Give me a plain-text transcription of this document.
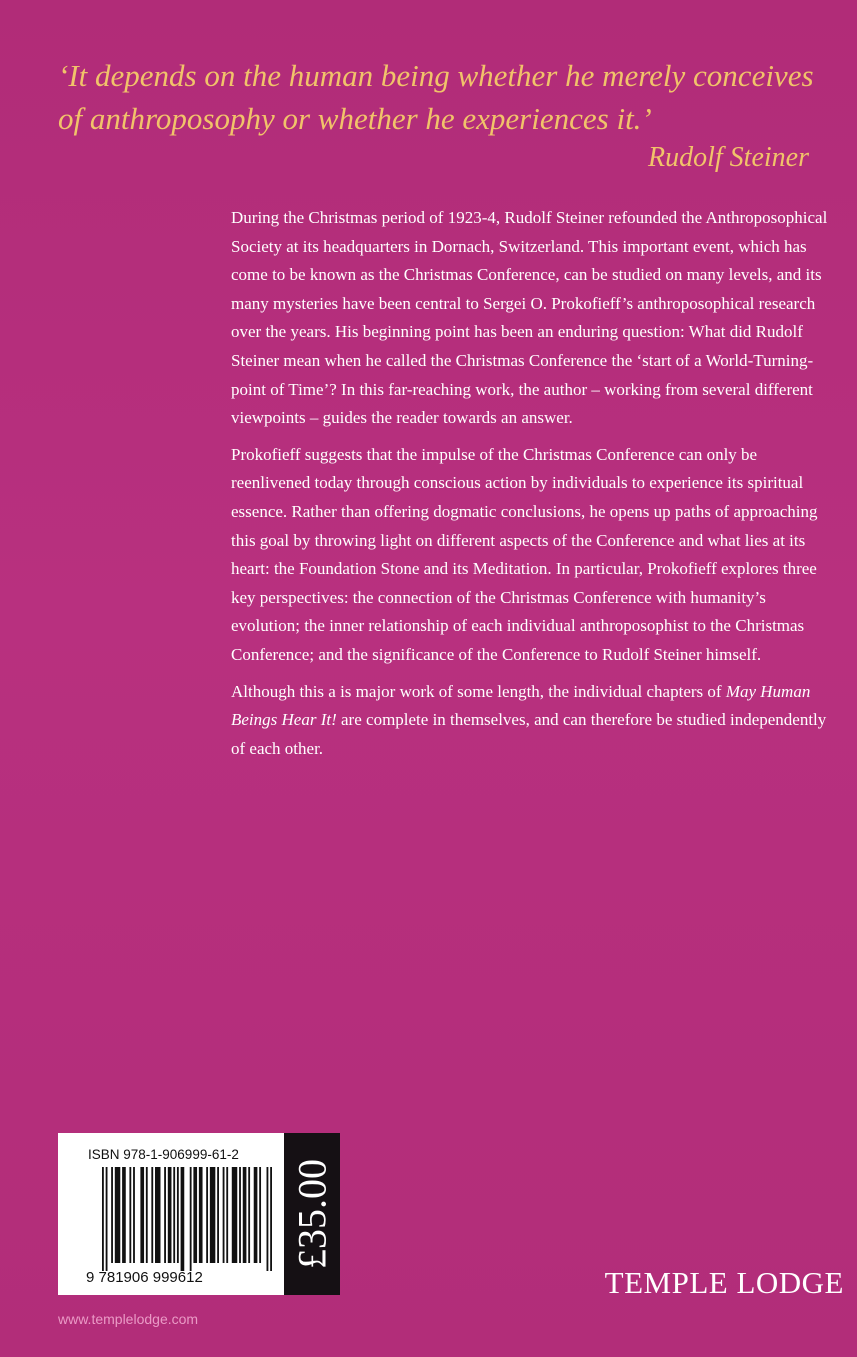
‘It depends on the human being whether he merely conceives of anthroposophy or whether he experiences it.’

Rudolf Steiner

During the Christmas period of 1923-4, Rudolf Steiner refounded the Anthroposophical Society at its headquarters in Dornach, Switzerland. This important event, which has come to be known as the Christmas Conference, can be studied on many levels, and its many mysteries have been central to Sergei O. Prokofieff’s anthroposophical research over the years. His beginning point has been an enduring question: What did Rudolf Steiner mean when he called the Christmas Conference the ‘start of a World-Turning-point of Time’? In this far-reaching work, the author – working from several different viewpoints – guides the reader towards an answer.

Prokofieff suggests that the impulse of the Christmas Conference can only be reenlivened today through conscious action by individuals to experience its spiritual essence. Rather than offering dogmatic conclusions, he opens up paths of approaching this goal by throwing light on different aspects of the Conference and what lies at its heart: the Foundation Stone and its Meditation. In particular, Prokofieff explores three key perspectives: the connection of the Christmas Conference with humanity’s evolution; the inner relationship of each individual anthroposophist to the Christmas Conference; and the significance of the Conference to Rudolf Steiner himself.

Although this a is major work of some length, the individual chapters of May Human Beings Hear It! are complete in themselves, and can therefore be studied independently of each other.

ISBN 978-1-906999-61-2

9 781906 999612

£35.00

TEMPLE LODGE

www.templelodge.com
